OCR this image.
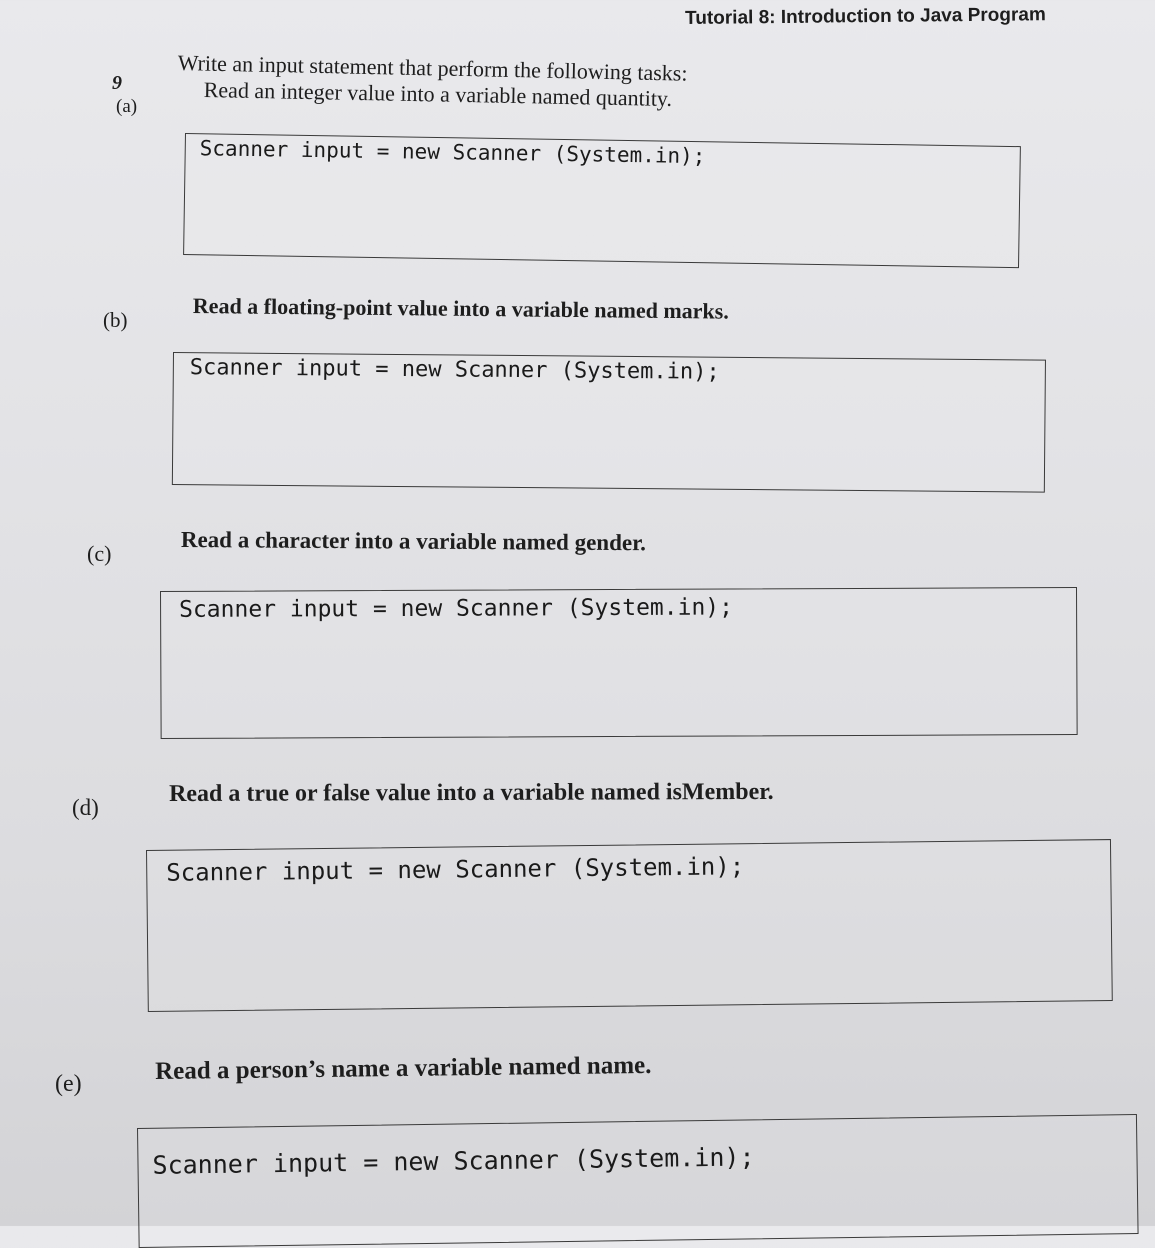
Tutorial 8: Introduction to Java Program
9	Write an input statement that perform the following tasks:
(a)	Read an integer value into a variable named quantity.
Scanner input = new Scanner (System.in);
(b)	Read a floating-point value into a variable named marks.
Scanner input = new Scanner (System.in);
(c)	Read a character into a variable named gender.
Scanner input = new Scanner (System.in);
(d)
Read a true or false value into a variable named isMember.
Scanner input = new Scanner (System.in);
(e)	Read a person’s name a variable named name.
Scanner input = new Scanner (System.in);
